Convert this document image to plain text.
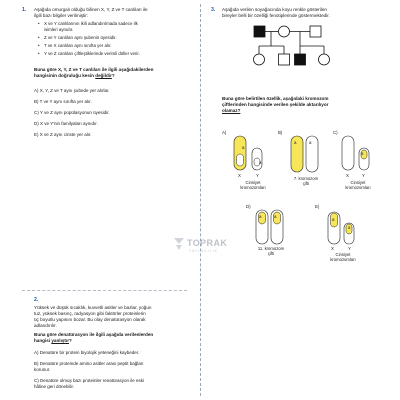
1. Aşağıda omurgalı olduğu bilinen X, Y, Z ve T canlıları ile
ilgili bazı bilgiler verilmiştir:
• X ve Y canlılarının ikili adlandırılmada sadece ilk
isimleri aynıdır.
• Z ve Y canlıları aynı şubenin üyesidir.
• T ve X canlıları aynı sınıfta yer alır.
• Y ve Z canlıları çiftleştiklerinde verimli döller verir.
Buna göre X, Y, Z ve T canlıları ile ilgili aşağıdakilerden
hangisinin doğruluğu kesin değildir?
A) X, Y, Z ve T aynı şubede yer alırlar.
B) T ve Y aynı sınıfta yer alır.
C) Y ve Z aynı popülasyonun üyesidir.
D) X ve Y'nin familyaları aynıdır.
E) X ve Z aynı cinste yer alır.
TOPRAK
YAYINCILIK
2.
Yüksek ve düşük sıcaklık, kuvvetli asitler ve bazlar, yoğun
tuz, yüksek basınç, radyasyon gibi faktörler proteinlerin
üç boyutlu yapısını bozar. Bu olay denatürasyon olarak
adlandırılır.
Buna göre denatürasyon ile ilgili aşağıda verilenlerden
hangisi yanlıştır?
A) Denatüre bir protein biyolojik yeteneğini kaybeder.
B) Denatüre proteinde amino asitler arası peptit bağları
korunur.
C) Denatüre olmuş bazı proteinler renatürasyon ile eski
hâline geri dönebilir.
3. Aşağıda verilen soyağacında koyu renkle gösterilen
bireyler belli bir özelliği fenotiplerinde göstermektedir.
Buna göre belirtilen özellik, aşağıdaki kromozom
çiftlerinden hangisinde verilen şekilde aktarılıyor
olamaz?
A)
a
a
X	Y
Cinsiyet
kromozomları
B)
a	a
7. kromozom
çifti
C)
a
X	Y
Cinsiyet
kromozomları
D)
a	a
11. kromozom
çifti
E)
a
a
X	Y
Cinsiyet
kromozomları
